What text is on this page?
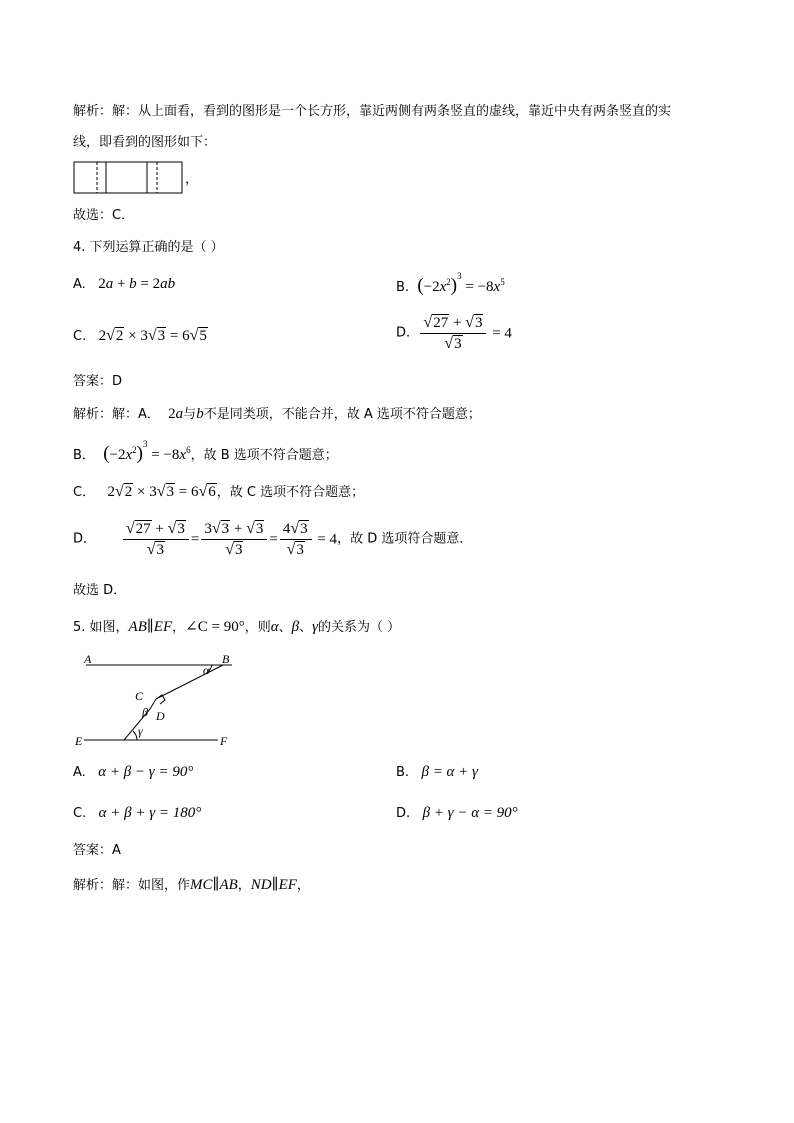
解析：解：从上面看，看到的图形是一个长方形，靠近两侧有两条竖直的虚线，靠近中央有两条竖直的实
线，即看到的图形如下：
，
故选：C．
4. 下列运算正确的是（ ）
A. 2a + b = 2ab	B. $(-2x^2)^3 = -8x^5$
C. 2√2 × 3√3 = 6√5	D. $\frac{√27 + √3}{√3} = 4$
答案：D
解析：解：A． 2a与b不是同类项，不能合并，故 A 选项不符合题意；
B． $(-2x^2)^3 = -8x^6$，故 B 选项不符合题意；
C． 2√2 × 3√3 = 6√6，故 C 选项不符合题意；
D． $\frac{√27 + √3}{√3} = \frac{3√3 + √3}{√3} = \frac{4√3}{√3} = 4$，故 D 选项符合题意．
故选 D．
5. 如图，AB∥EF，∠C = 90°，则α、β、γ的关系为（ ）
A	B
C
D
E	F
α
β
γ
A. α + β − γ = 90°	B. β = α + γ
C. α + β + γ = 180°	D. β + γ − α = 90°
答案：A
解析：解：如图，作MC∥AB，ND∥EF，
